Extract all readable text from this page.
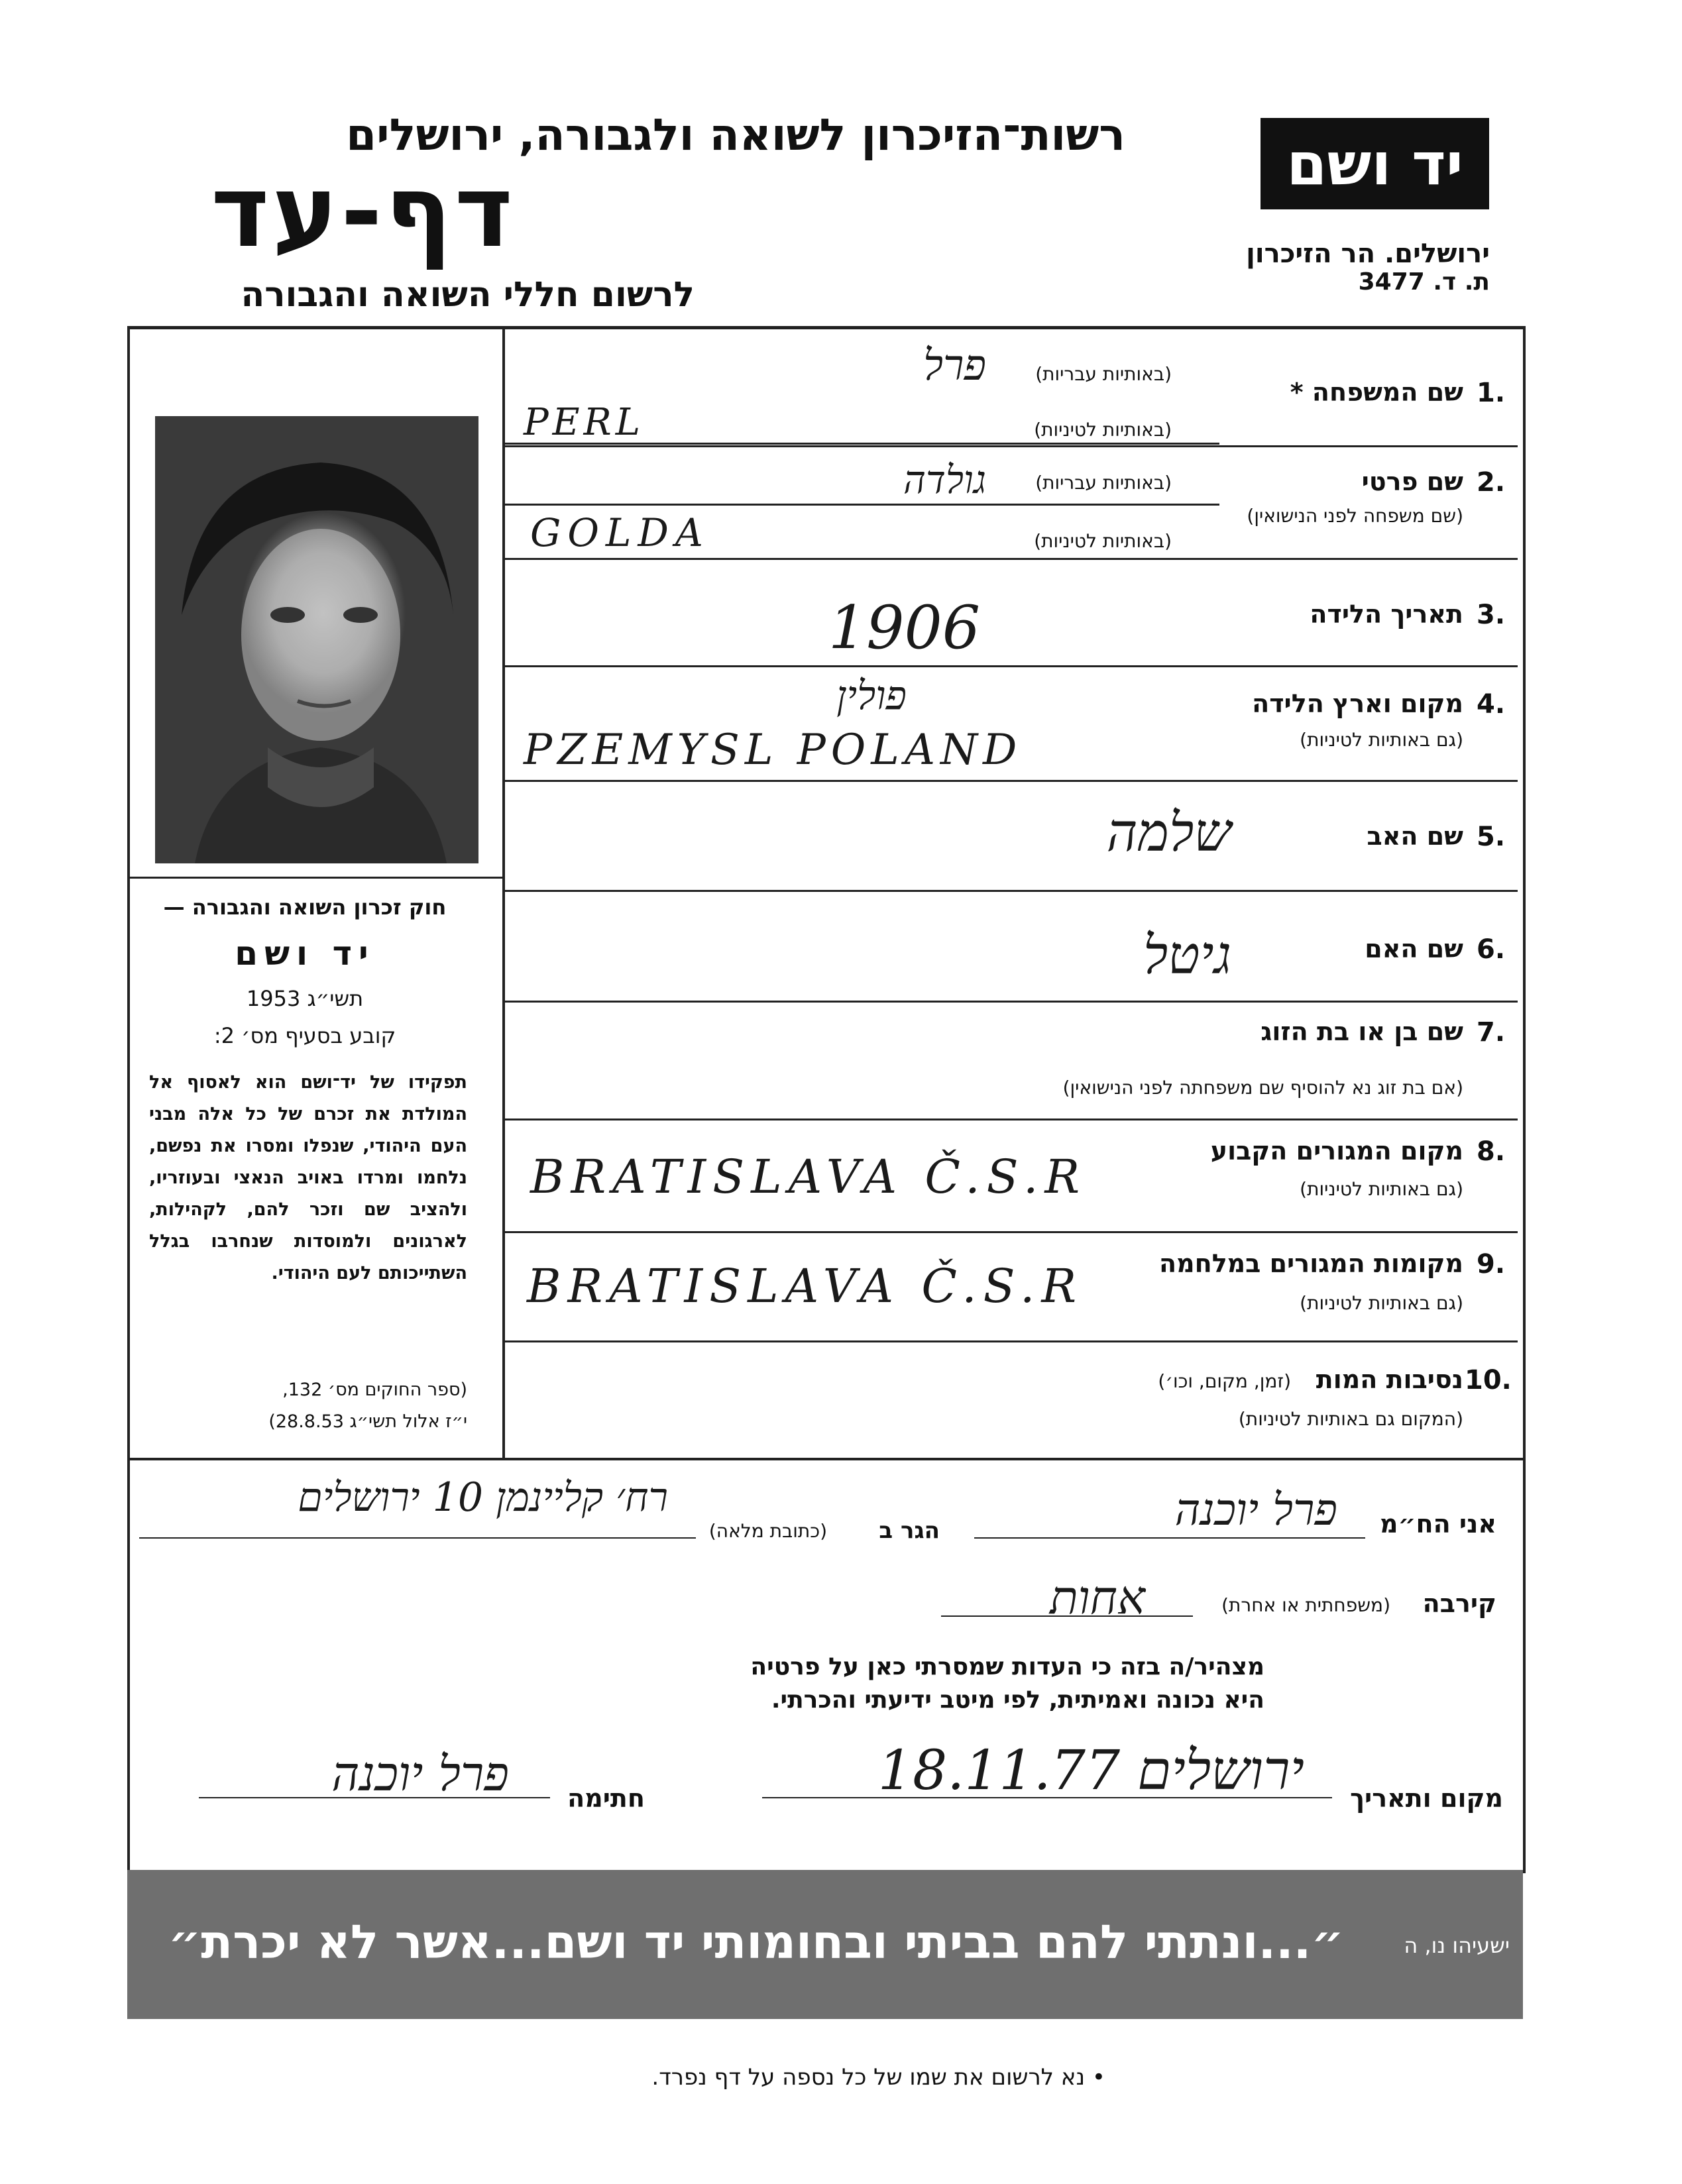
רשות־הזיכרון לשואה ולגבורה, ירושלים
דף-עד
לרשום חללי השואה והגבורה
יד ושם
ירושלים. הר הזיכרון
ת. ד. 3477
חוק זכרון השואה והגבורה —
יד ושם
תשי״ג 1953
קובע בסעיף מס׳ 2:
תפקידו של יד־ושם הוא לאסוף אל המולדת את זכרם של כל אלה מבני העם היהודי, שנפלו ומסרו את נפשם, נלחמו ומרדו באויב הנאצי ובעוזריו, ולהציב שם וזכר להם, לקהילות, לארגונים ולמוסדות שנחרבו בגלל השתייכותם לעם היהודי.
(ספר החוקים מס׳ 132,
י״ז אלול תשי״ג 28.8.53)
1.
שם המשפחה *
(באותיות עבריות)
(באותיות לטיניות)
פרל
PERL
2.
שם פרטי
(שם משפחה לפני הנישואין)
(באותיות עבריות)
(באותיות לטיניות)
גולדה
GOLDA
3.
תאריך הלידה
1906
4.
מקום וארץ הלידה
(גם באותיות לטיניות)
פולין
PZEMYSL POLAND
5.
שם האב
שלמה
6.
שם האם
גיטל
7.
שם בן או בת הזוג
(אם בת זוג נא להוסיף שם משפחתה לפני הנישואין)
8.
מקום המגורים הקבוע
(גם באותיות לטיניות)
BRATISLAVA Č.S.R
9.
מקומות המגורים במלחמה
(גם באותיות לטיניות)
BRATISLAVA Č.S.R
10.
נסיבות המות
(זמן, מקום, וכו׳)
(המקום גם באותיות לטיניות)
אני הח״מ
פרל יוכנה
הגר ב
(כתובת מלאה)
רח׳ קליינמן 10 ירושלים
קירבה
(משפחתית או אחרת)
אחות
מצהיר/ה בזה כי העדות שמסרתי כאן על פרטיה
היא נכונה ואמיתית, לפי מיטב ידיעתי והכרתי.
מקום ותאריך
ירושלים 18.11.77
חתימה
פרל יוכנה
״...ונתתי להם בביתי ובחומותי יד ושם...אשר לא יכרת״	ישעיהו נו, ה
• נא לרשום את שמו של כל נספה על דף נפרד.
